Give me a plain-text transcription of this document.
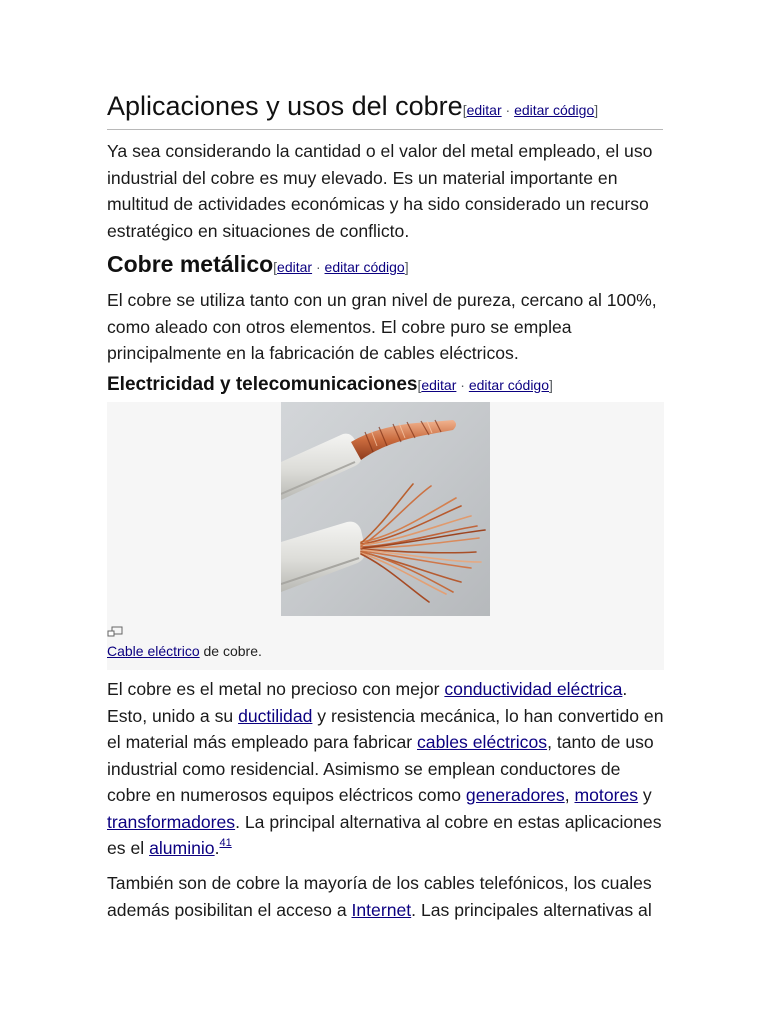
Aplicaciones y usos del cobre[editar · editar código]

Ya sea considerando la cantidad o el valor del metal empleado, el uso industrial del cobre es muy elevado. Es un material importante en multitud de actividades económicas y ha sido considerado un recurso estratégico en situaciones de conflicto.

Cobre metálico[editar · editar código]

El cobre se utiliza tanto con un gran nivel de pureza, cercano al 100%, como aleado con otros elementos. El cobre puro se emplea principalmente en la fabricación de cables eléctricos.

Electricidad y telecomunicaciones[editar · editar código]
Cable eléctrico de cobre.

El cobre es el metal no precioso con mejor conductividad eléctrica. Esto, unido a su ductilidad y resistencia mecánica, lo han convertido en el material más empleado para fabricar cables eléctricos, tanto de uso industrial como residencial. Asimismo se emplean conductores de cobre en numerosos equipos eléctricos como generadores, motores y transformadores. La principal alternativa al cobre en estas aplicaciones es el aluminio.$^{41}$

También son de cobre la mayoría de los cables telefónicos, los cuales además posibilitan el acceso a Internet. Las principales alternativas al
